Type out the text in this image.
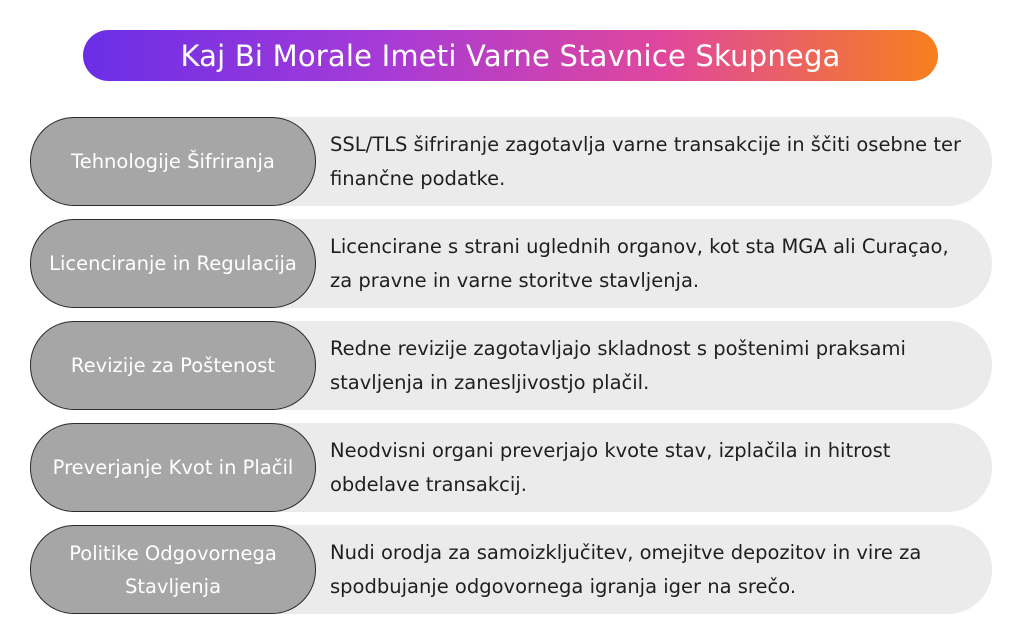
Kaj Bi Morale Imeti Varne Stavnice Skupnega
Tehnologije Šifriranja
SSL/TLS šifriranje zagotavlja varne transakcije in ščiti osebne ter finančne podatke.
Licenciranje in Regulacija
Licencirane s strani uglednih organov, kot sta MGA ali Curaçao, za pravne in varne storitve stavljenja.
Revizije za Poštenost
Redne revizije zagotavljajo skladnost s poštenimi praksami stavljenja in zanesljivostjo plačil.
Preverjanje Kvot in Plačil
Neodvisni organi preverjajo kvote stav, izplačila in hitrost obdelave transakcij.
Politike Odgovornega Stavljenja
Nudi orodja za samoizključitev, omejitve depozitov in vire za spodbujanje odgovornega igranja iger na srečo.
